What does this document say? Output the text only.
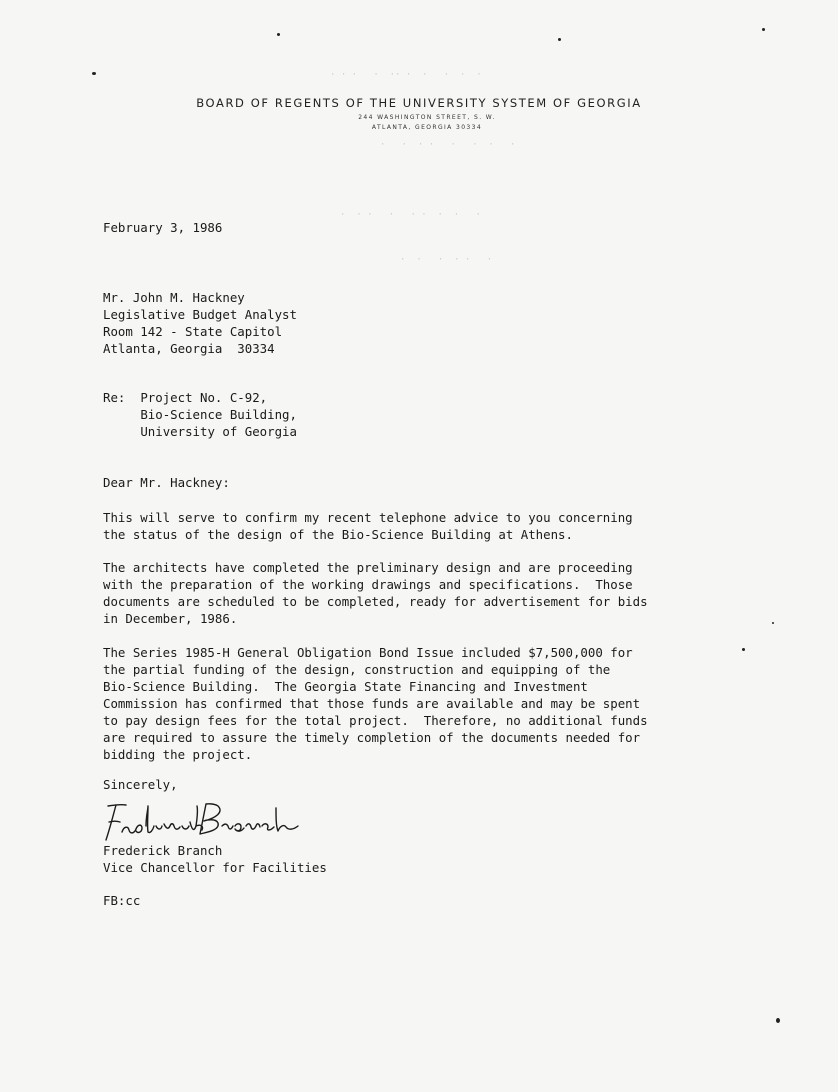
· · ·   ·  ·· ·  ·   ·  ·  ·
·   ·  · ·   ·   ·  ·   ·
·  · ·   ·   · ·  ·  ·   ·
·  ·   ·  · ·   ·
BOARD OF REGENTS OF THE UNIVERSITY SYSTEM OF GEORGIA
244 WASHINGTON STREET, S. W.
ATLANTA, GEORGIA 30334
February 3, 1986
Mr. John M. Hackney
Legislative Budget Analyst
Room 142 - State Capitol
Atlanta, Georgia  30334
Re: Project No. C-92,
Bio-Science Building,
University of Georgia
Dear Mr. Hackney:
This will serve to confirm my recent telephone advice to you concerning
the status of the design of the Bio-Science Building at Athens.
The architects have completed the preliminary design and are proceeding
with the preparation of the working drawings and specifications.  Those
documents are scheduled to be completed, ready for advertisement for bids
in December, 1986.
The Series 1985-H General Obligation Bond Issue included $7,500,000 for
the partial funding of the design, construction and equipping of the
Bio-Science Building.  The Georgia State Financing and Investment
Commission has confirmed that those funds are available and may be spent
to pay design fees for the total project.  Therefore, no additional funds
are required to assure the timely completion of the documents needed for
bidding the project.
Sincerely,
Frederick Branch
Vice Chancellor for Facilities
FB:cc
